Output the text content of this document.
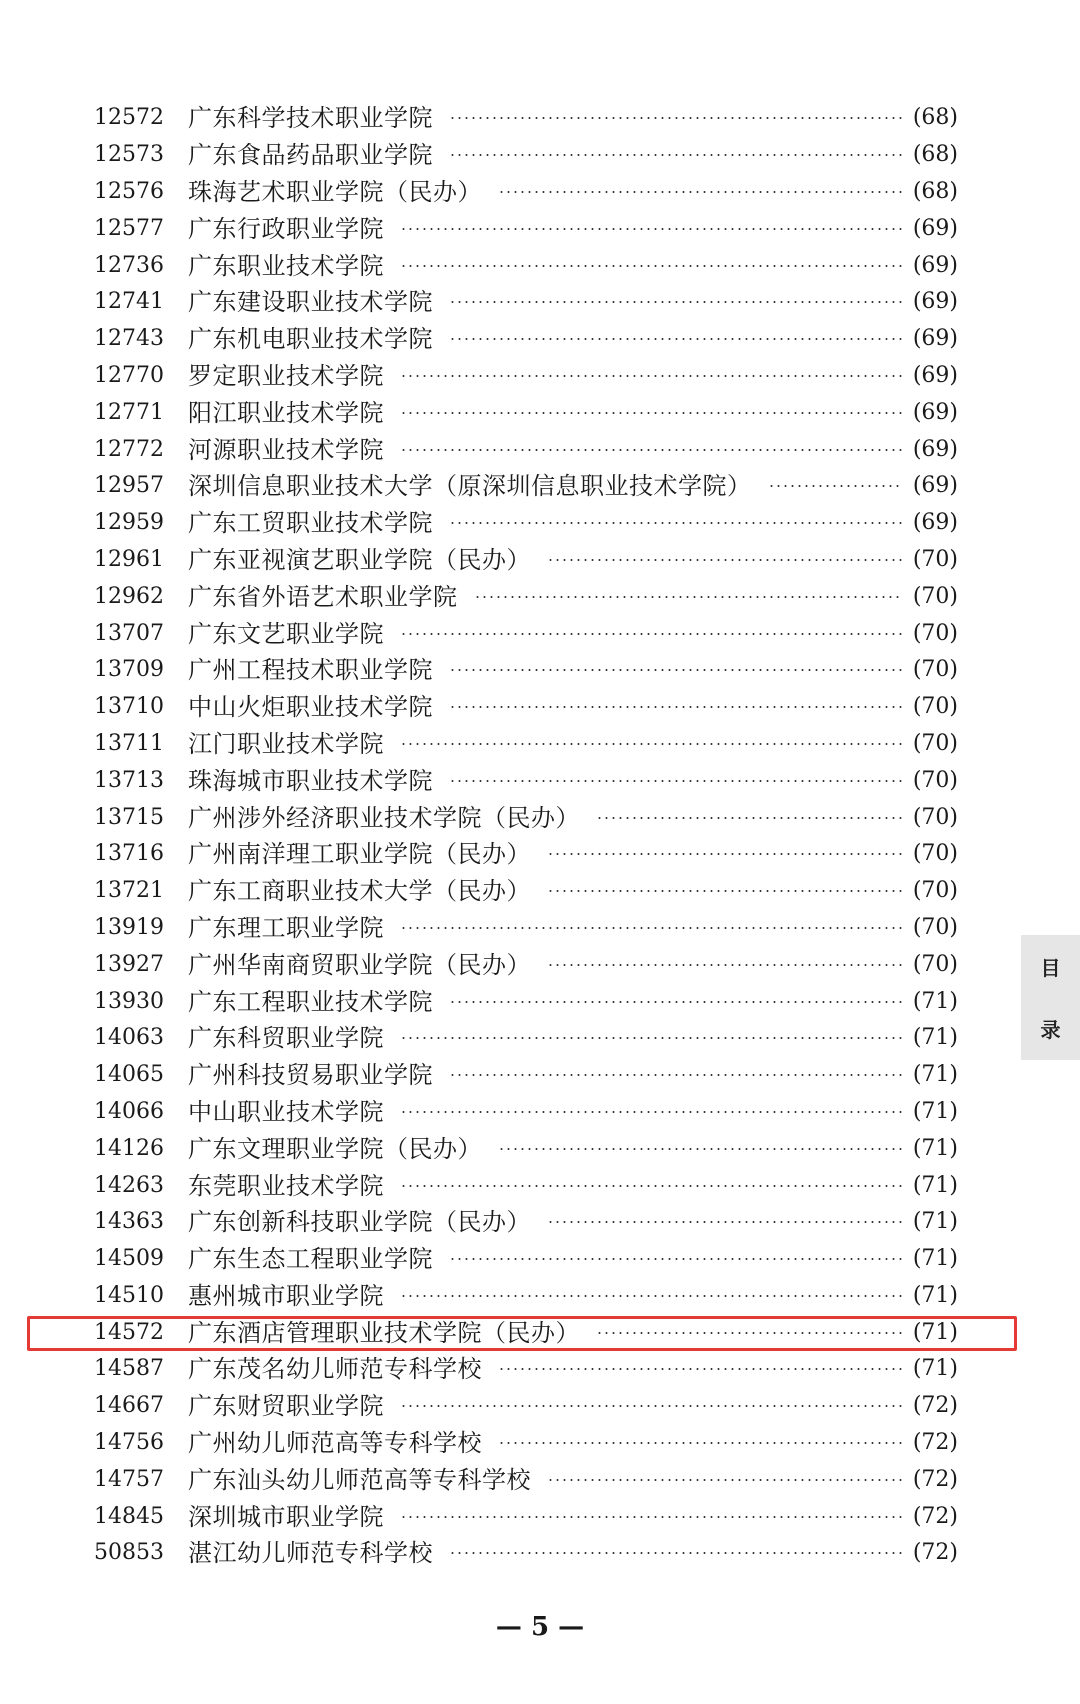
12572	广东科学技术职业学院	(68)
12573	广东食品药品职业学院	(68)
12576	珠海艺术职业学院（民办）	(68)
12577	广东行政职业学院	(69)
12736	广东职业技术学院	(69)
12741	广东建设职业技术学院	(69)
12743	广东机电职业技术学院	(69)
12770	罗定职业技术学院	(69)
12771	阳江职业技术学院	(69)
12772	河源职业技术学院	(69)
12957	深圳信息职业技术大学（原深圳信息职业技术学院）	(69)
12959	广东工贸职业技术学院	(69)
12961	广东亚视演艺职业学院（民办）	(70)
12962	广东省外语艺术职业学院	(70)
13707	广东文艺职业学院	(70)
13709	广州工程技术职业学院	(70)
13710	中山火炬职业技术学院	(70)
13711	江门职业技术学院	(70)
13713	珠海城市职业技术学院	(70)
13715	广州涉外经济职业技术学院（民办）	(70)
13716	广州南洋理工职业学院（民办）	(70)
13721	广东工商职业技术大学（民办）	(70)
13919	广东理工职业学院	(70)
13927	广州华南商贸职业学院（民办）	(70)
13930	广东工程职业技术学院	(71)
14063	广东科贸职业学院	(71)
14065	广州科技贸易职业学院	(71)
14066	中山职业技术学院	(71)
14126	广东文理职业学院（民办）	(71)
14263	东莞职业技术学院	(71)
14363	广东创新科技职业学院（民办）	(71)
14509	广东生态工程职业学院	(71)
14510	惠州城市职业学院	(71)
14572	广东酒店管理职业技术学院（民办）	(71)
14587	广东茂名幼儿师范专科学校	(71)
14667	广东财贸职业学院	(72)
14756	广州幼儿师范高等专科学校	(72)
14757	广东汕头幼儿师范高等专科学校	(72)
14845	深圳城市职业学院	(72)
50853	湛江幼儿师范专科学校	(72)
目
录
— 5 —
